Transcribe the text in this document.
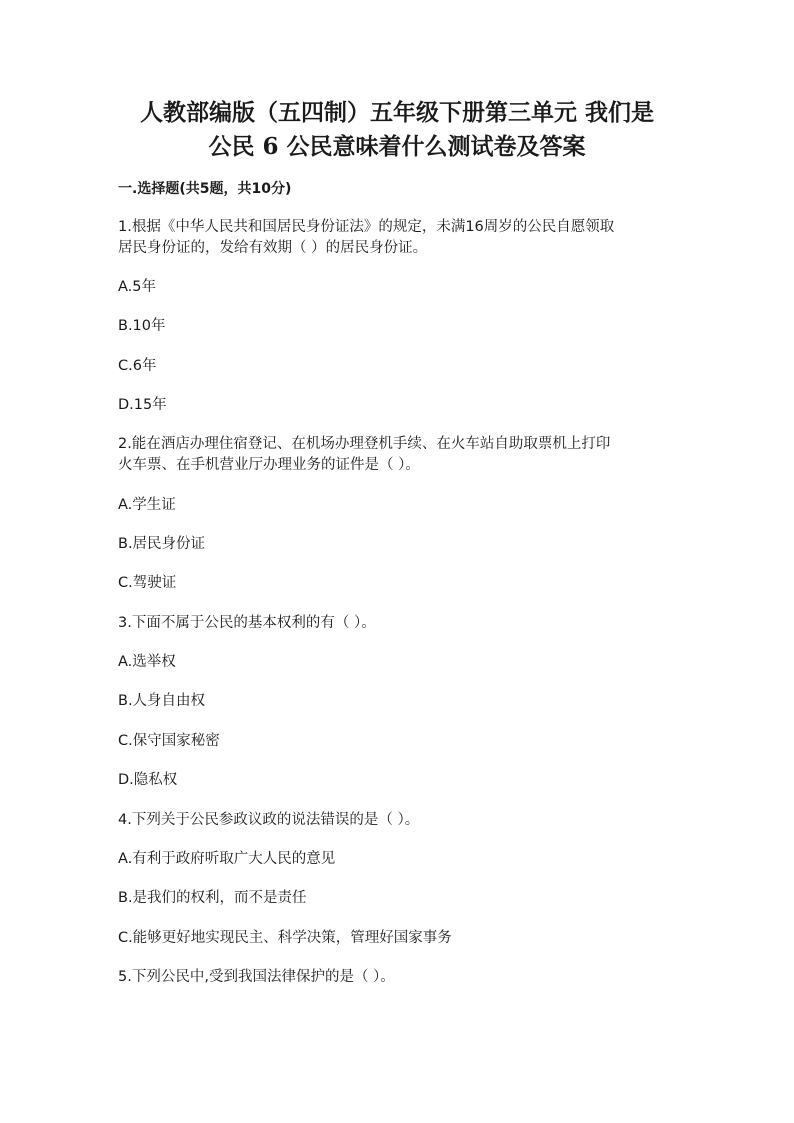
人教部编版（五四制）五年级下册第三单元 我们是
公民 6 公民意味着什么测试卷及答案
一.选择题(共5题，共10分)
1.根据《中华人民共和国居民身份证法》的规定，未满16周岁的公民自愿领取
居民身份证的，发给有效期（ ）的居民身份证。
A.5年
B.10年
C.6年
D.15年
2.能在酒店办理住宿登记、在机场办理登机手续、在火车站自助取票机上打印
火车票、在手机营业厅办理业务的证件是（ ）。
A.学生证
B.居民身份证
C.驾驶证
3.下面不属于公民的基本权利的有（ ）。
A.选举权
B.人身自由权
C.保守国家秘密
D.隐私权
4.下列关于公民参政议政的说法错误的是（ ）。
A.有利于政府听取广大人民的意见
B.是我们的权利，而不是责任
C.能够更好地实现民主、科学决策，管理好国家事务
5.下列公民中,受到我国法律保护的是（ ）。
